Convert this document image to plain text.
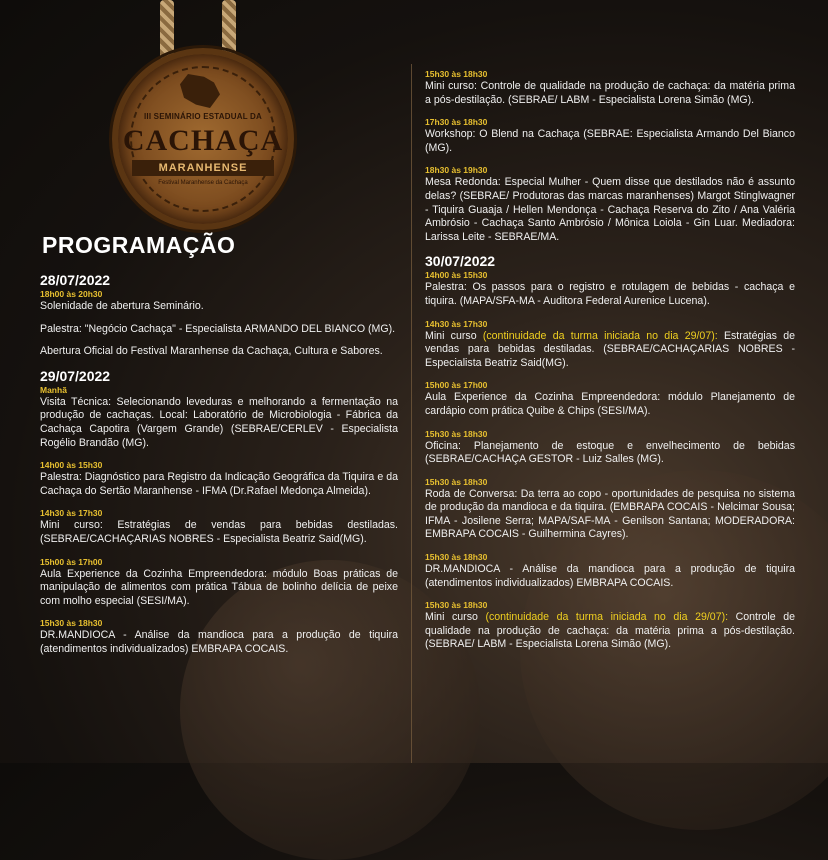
III SEMINÁRIO ESTADUAL DA
CACHAÇA
MARANHENSE
Festival Maranhense da Cachaça
PROGRAMAÇÃO
28/07/2022
18h00 às 20h30

Solenidade de abertura Seminário.

Palestra: "Negócio Cachaça" - Especialista ARMANDO DEL BIANCO (MG).

Abertura Oficial do Festival Maranhense da Cachaça, Cultura e Sabores.

29/07/2022
Manhã

Visita Técnica: Selecionando leveduras e melhorando a fermentação na produção de cachaças. Local: Laboratório de Microbiologia - Fábrica da Cachaça Capotira (Vargem Grande) (SEBRAE/CERLEV - Especialista Rogélio Brandão (MG).

14h00 às 15h30

Palestra: Diagnóstico para Registro da Indicação Geográfica da Tiquira e da Cachaça do Sertão Maranhense - IFMA (Dr.Rafael Medonça Almeida).

14h30 às 17h30

Mini curso: Estratégias de vendas para bebidas destiladas. (SEBRAE/CACHAÇARIAS NOBRES - Especialista Beatriz Said(MG).

15h00 às 17h00

Aula Experience da Cozinha Empreendedora: módulo Boas práticas de manipulação de alimentos com prática Tábua de bolinho delícia de peixe com molho especial (SESI/MA).

15h30 às 18h30

DR.MANDIOCA - Análise da mandioca para a produção de tiquira (atendimentos individualizados) EMBRAPA COCAIS.

15h30 às 18h30

Mini curso: Controle de qualidade na produção de cachaça: da matéria prima a pós-destilação. (SEBRAE/ LABM - Especialista Lorena Simão (MG).

17h30 às 18h30

Workshop: O Blend na Cachaça (SEBRAE: Especialista Armando Del Bianco (MG).

18h30 às 19h30

Mesa Redonda: Especial Mulher - Quem disse que destilados não é assunto delas? (SEBRAE/ Produtoras das marcas maranhenses) Margot Stinglwagner - Tiquira Guaaja / Hellen Mendonça - Cachaça Reserva do Zito / Ana Valéria Ambrósio - Cachaça Santo Ambrósio / Mônica Loiola - Gin Luar. Mediadora: Larissa Leite - SEBRAE/MA.

30/07/2022
14h00 às 15h30

Palestra: Os passos para o registro e rotulagem de bebidas - cachaça e tiquira. (MAPA/SFA-MA - Auditora Federal Aurenice Lucena).

14h30 às 17h30

Mini curso (continuidade da turma iniciada no dia 29/07): Estratégias de vendas para bebidas destiladas. (SEBRAE/CACHAÇARIAS NOBRES - Especialista Beatriz Said(MG).

15h00 às 17h00

Aula Experience da Cozinha Empreendedora: módulo Planejamento de cardápio com prática Quibe & Chips (SESI/MA).

15h30 às 18h30

Oficina: Planejamento de estoque e envelhecimento de bebidas (SEBRAE/CACHAÇA GESTOR - Luiz Salles (MG).

15h30 às 18h30

Roda de Conversa: Da terra ao copo - oportunidades de pesquisa no sistema de produção da mandioca e da tiquira. (EMBRAPA COCAIS - Nelcimar Sousa; IFMA - Josilene Serra; MAPA/SAF-MA - Genilson Santana; MODERADORA: EMBRAPA COCAIS - Guilhermina Cayres).

15h30 às 18h30

DR.MANDIOCA - Análise da mandioca para a produção de tiquira (atendimentos individualizados) EMBRAPA COCAIS.

15h30 às 18h30

Mini curso (continuidade da turma iniciada no dia 29/07): Controle de qualidade na produção de cachaça: da matéria prima a pós-destilação. (SEBRAE/ LABM - Especialista Lorena Simão (MG).
